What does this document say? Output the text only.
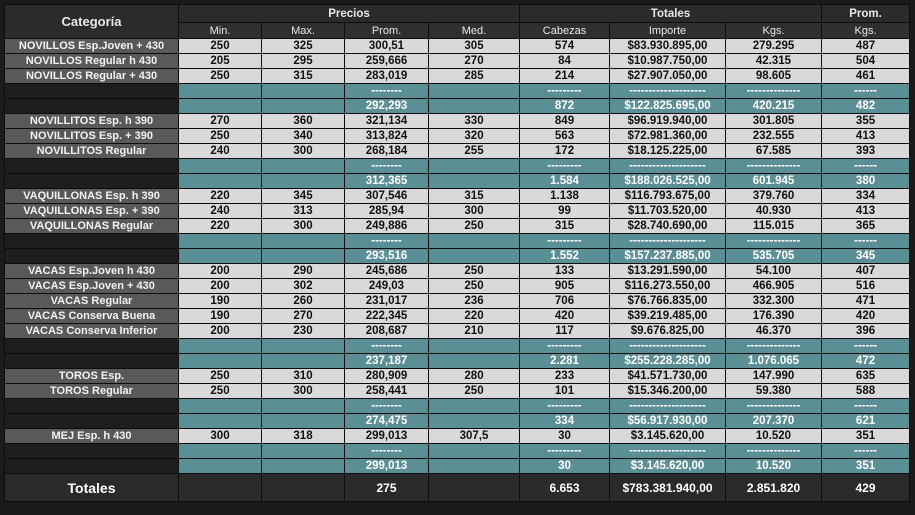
Categoría	Precios				Totales			Prom.
	Min.	Max.	Prom.	Med.	Cabezas	Importe	Kgs.	Kgs.
NOVILLOS Esp.Joven + 430	250	325	300,51	305	574	$83.930.895,00	279.295	487
NOVILLOS Regular h 430	205	295	259,666	270	84	$10.987.750,00	42.315	504
NOVILLOS Regular + 430	250	315	283,019	285	214	$27.907.050,00	98.605	461
			--------		---------	--------------------	--------------	------
			292,293		872	$122.825.695,00	420.215	482
NOVILLITOS Esp. h 390	270	360	321,134	330	849	$96.919.940,00	301.805	355
NOVILLITOS Esp. + 390	250	340	313,824	320	563	$72.981.360,00	232.555	413
NOVILLITOS Regular	240	300	268,184	255	172	$18.125.225,00	67.585	393
			--------		---------	--------------------	--------------	------
			312,365		1.584	$188.026.525,00	601.945	380
VAQUILLONAS Esp. h 390	220	345	307,546	315	1.138	$116.793.675,00	379.760	334
VAQUILLONAS Esp. + 390	240	313	285,94	300	99	$11.703.520,00	40.930	413
VAQUILLONAS Regular	220	300	249,886	250	315	$28.740.690,00	115.015	365
			--------		---------	--------------------	--------------	------
			293,516		1.552	$157.237.885,00	535.705	345
VACAS Esp.Joven h 430	200	290	245,686	250	133	$13.291.590,00	54.100	407
VACAS Esp.Joven + 430	200	302	249,03	250	905	$116.273.550,00	466.905	516
VACAS Regular	190	260	231,017	236	706	$76.766.835,00	332.300	471
VACAS Conserva Buena	190	270	222,345	220	420	$39.219.485,00	176.390	420
VACAS Conserva Inferior	200	230	208,687	210	117	$9.676.825,00	46.370	396
			--------		---------	--------------------	--------------	------
			237,187		2.281	$255.228.285,00	1.076.065	472
TOROS Esp.	250	310	280,909	280	233	$41.571.730,00	147.990	635
TOROS Regular	250	300	258,441	250	101	$15.346.200,00	59.380	588
			--------		---------	--------------------	--------------	------
			274,475		334	$56.917.930,00	207.370	621
MEJ Esp. h 430	300	318	299,013	307,5	30	$3.145.620,00	10.520	351
			--------		---------	--------------------	--------------	------
			299,013		30	$3.145.620,00	10.520	351
Totales			275		6.653	$783.381.940,00	2.851.820	429
